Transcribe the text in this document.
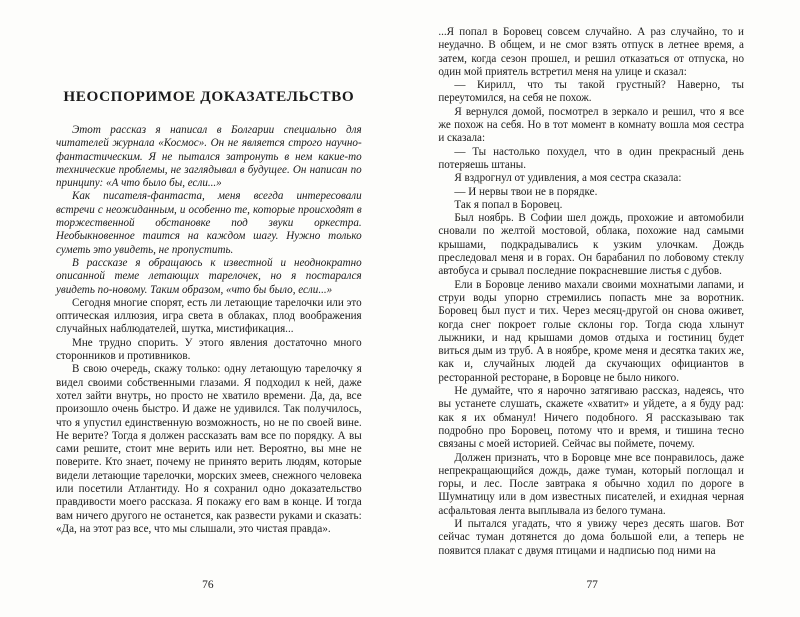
НЕОСПОРИМОЕ ДОКАЗАТЕЛЬСТВО

Этот рассказ я написал в Болгарии специально для читателей журнала «Космос». Он не является строго научно-фантастическим. Я не пытался затронуть в нем какие-то технические проблемы, не заглядывал в будущее. Он написан по принципу: «А что было бы, если...»

Как писателя-фантаста, меня всегда интересовали встречи с неожиданным, и особенно те, которые происходят в торжественной обстановке под звуки оркестра. Необыкновенное таится на каждом шагу. Нужно только суметь это увидеть, не пропустить.

В рассказе я обращаюсь к известной и неоднократно описанной теме летающих тарелочек, но я постарался увидеть по-новому. Таким образом, «что бы было, если...»

Сегодня многие спорят, есть ли летающие тарелочки или это оптическая иллюзия, игра света в облаках, плод воображения случайных наблюдателей, шутка, мистификация...

Мне трудно спорить. У этого явления достаточно много сторонников и противников.

В свою очередь, скажу только: одну летающую тарелочку я видел своими собственными глазами. Я подходил к ней, даже хотел зайти внутрь, но просто не хватило времени. Да, да, все произошло очень быстро. И даже не удивился. Так получилось, что я упустил единственную возможность, но не по своей вине. Не верите? Тогда я должен рассказать вам все по порядку. А вы сами решите, стоит мне верить или нет. Вероятно, вы мне не поверите. Кто знает, почему не принято верить людям, которые видели летающие тарелочки, морских змеев, снежного человека или посетили Атлантиду. Но я сохранил одно доказательство правдивости моего рассказа. Я покажу его вам в конце. И тогда вам ничего другого не останется, как развести руками и сказать: «Да, на этот раз все, что мы слышали, это чистая правда».

76

...Я попал в Боровец совсем случайно. А раз случайно, то и неудачно. В общем, и не смог взять отпуск в летнее время, а затем, когда сезон прошел, и решил отказаться от отпуска, но один мой приятель встретил меня на улице и сказал:

— Кирилл, что ты такой грустный? Наверно, ты переутомился, на себя не похож.

Я вернулся домой, посмотрел в зеркало и решил, что я все же похож на себя. Но в тот момент в комнату вошла моя сестра и сказала:

— Ты настолько похудел, что в один прекрасный день потеряешь штаны.

Я вздрогнул от удивления, а моя сестра сказала:

— И нервы твои не в порядке.

Так я попал в Боровец.

Был ноябрь. В Софии шел дождь, прохожие и автомобили сновали по желтой мостовой, облака, похожие над самыми крышами, подкрадывались к узким улочкам. Дождь преследовал меня и в горах. Он барабанил по лобовому стеклу автобуса и срывал последние покрасневшие листья с дубов.

Ели в Боровце лениво махали своими мохнатыми лапами, и струи воды упорно стремились попасть мне за воротник. Боровец был пуст и тих. Через месяц-другой он снова оживет, когда снег покроет голые склоны гор. Тогда сюда хлынут лыжники, и над крышами домов отдыха и гостиниц будет виться дым из труб. А в ноябре, кроме меня и десятка таких же, как и, случайных людей да скучающих официантов в ресторанной ресторане, в Боровце не было никого.

Не думайте, что я нарочно затягиваю рассказ, надеясь, что вы устанете слушать, скажете «хватит» и уйдете, а я буду рад: как я их обманул! Ничего подобного. Я рассказываю так подробно про Боровец, потому что и время, и тишина тесно связаны с моей историей. Сейчас вы поймете, почему.

Должен признать, что в Боровце мне все понравилось, даже непрекращающийся дождь, даже туман, который поглощал и горы, и лес. После завтрака я обычно ходил по дороге в Шумнатицу или в дом известных писателей, и ехидная черная асфальтовая лента выплывала из белого тумана.

И пытался угадать, что я увижу через десять шагов. Вот сейчас туман дотянется до дома большой ели, а теперь не появится плакат с двумя птицами и надписью под ними на

77
